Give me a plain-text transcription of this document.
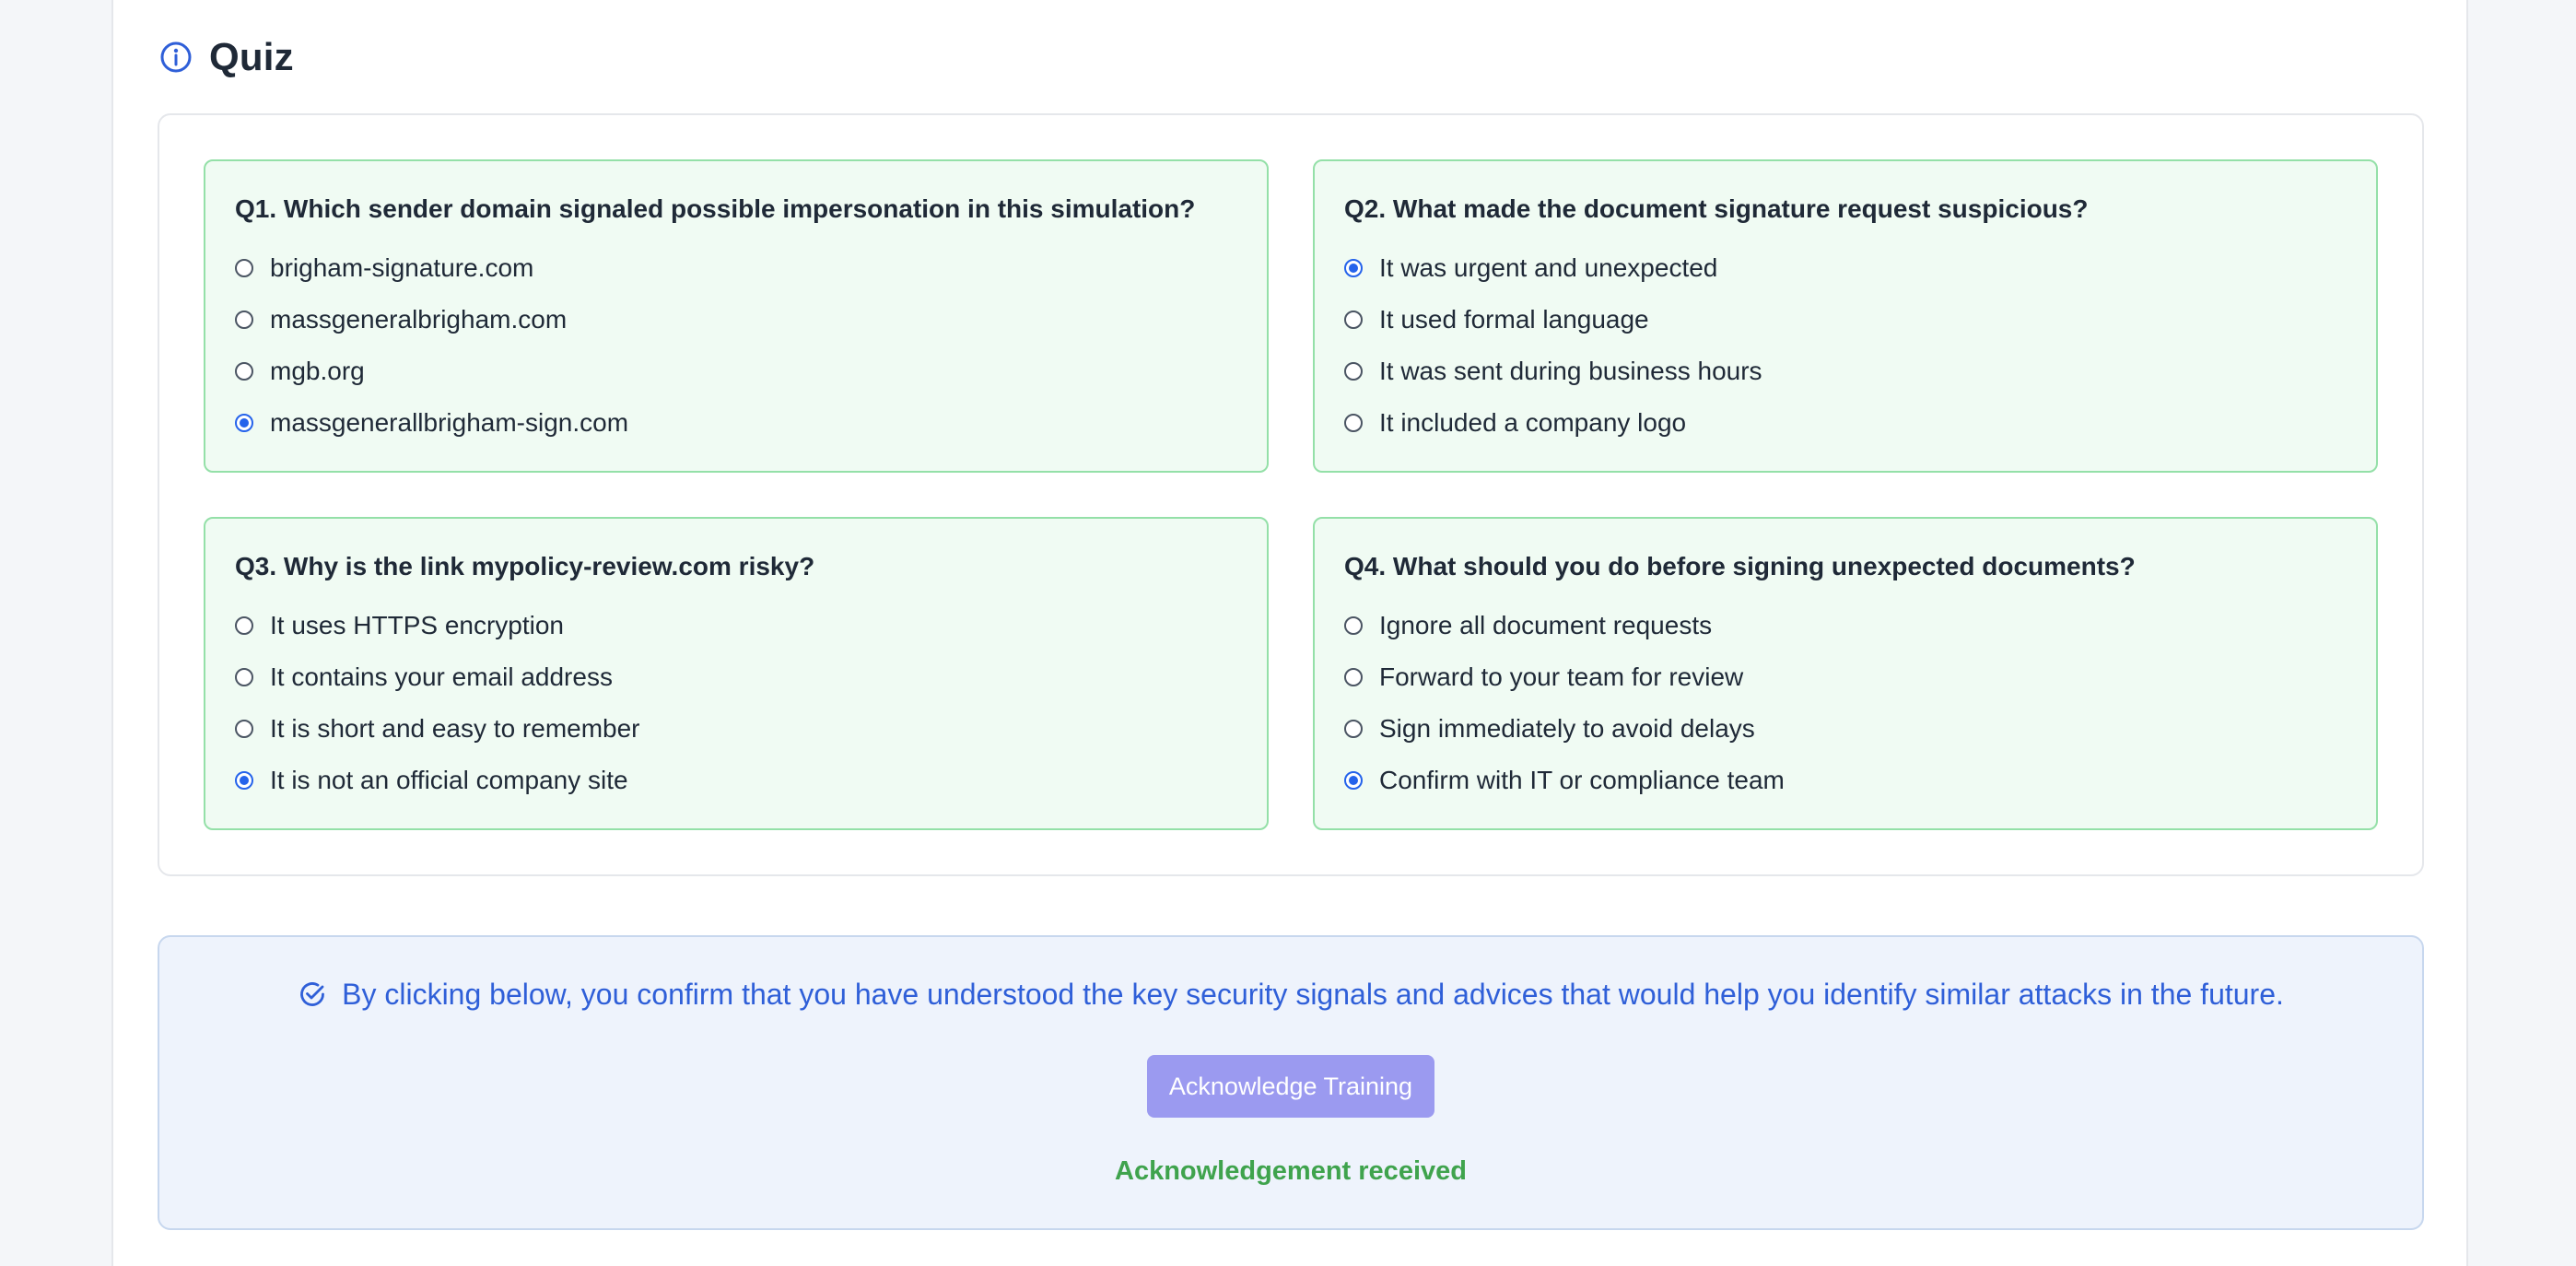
Quiz
Q1. Which sender domain signaled possible impersonation in this simulation?
brigham-signature.com
massgeneralbrigham.com
mgb.org
massgenerallbrigham-sign.com
Q2. What made the document signature request suspicious?
It was urgent and unexpected
It used formal language
It was sent during business hours
It included a company logo
Q3. Why is the link mypolicy-review.com risky?
It uses HTTPS encryption
It contains your email address
It is short and easy to remember
It is not an official company site
Q4. What should you do before signing unexpected documents?
Ignore all document requests
Forward to your team for review
Sign immediately to avoid delays
Confirm with IT or compliance team
By clicking below, you confirm that you have understood the key security signals and advices that would help you identify similar attacks in the future.
Acknowledge Training
Acknowledgement received
